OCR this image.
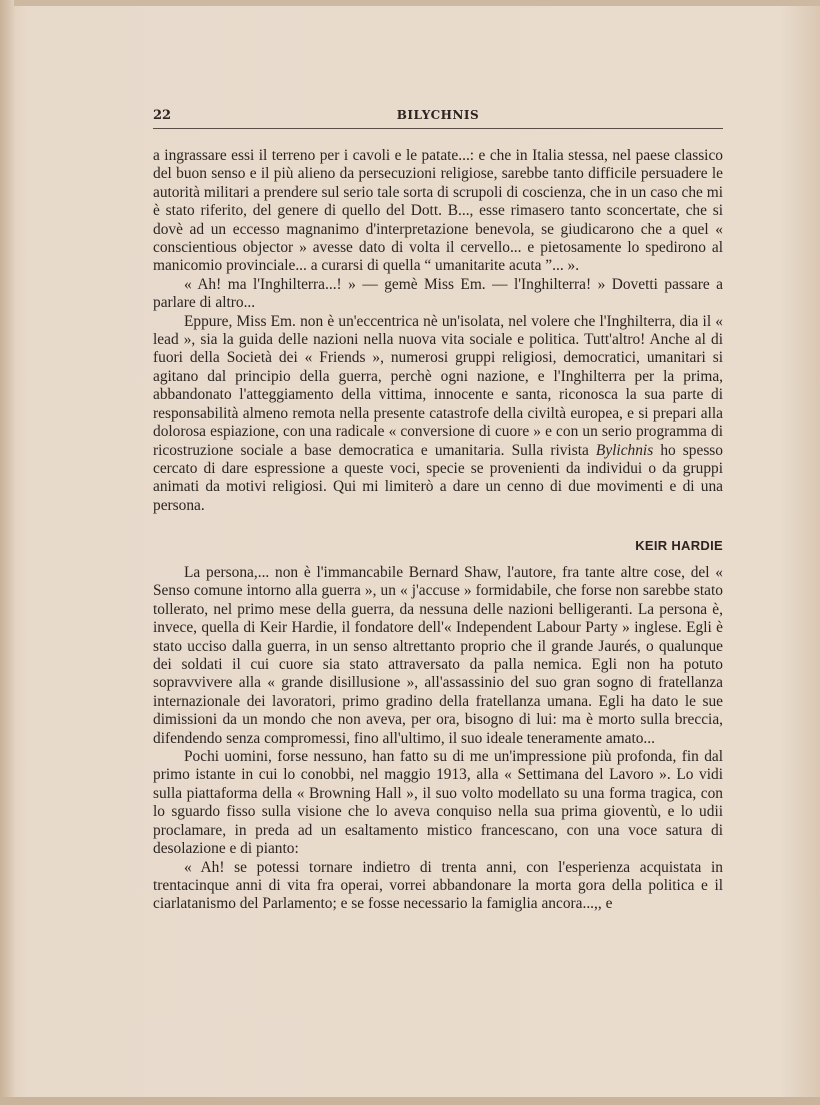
22	BILYCHNIS

a ingrassare essi il terreno per i cavoli e le patate...: e che in Italia stessa, nel paese classico del buon senso e il più alieno da persecuzioni religiose, sarebbe tanto difficile persuadere le autorità militari a prendere sul serio tale sorta di scrupoli di coscienza, che in un caso che mi è stato riferito, del genere di quello del Dott. B..., esse rimasero tanto sconcertate, che si dovè ad un eccesso magnanimo d'interpretazione benevola, se giudicarono che a quel « conscientious objector » avesse dato di volta il cervello... e pietosamente lo spedirono al manicomio provinciale... a curarsi di quella “ umanitarite acuta ”... ».

« Ah! ma l'Inghilterra...! » — gemè Miss Em. — l'Inghilterra! » Dovetti passare a parlare di altro...

Eppure, Miss Em. non è un'eccentrica nè un'isolata, nel volere che l'Inghilterra, dia il « lead », sia la guida delle nazioni nella nuova vita sociale e politica. Tutt'altro! Anche al di fuori della Società dei « Friends », numerosi gruppi religiosi, democratici, umanitari si agitano dal principio della guerra, perchè ogni nazione, e l'Inghilterra per la prima, abbandonato l'atteggiamento della vittima, innocente e santa, riconosca la sua parte di responsabilità almeno remota nella presente catastrofe della civiltà europea, e si prepari alla dolorosa espiazione, con una radicale « conversione di cuore » e con un serio programma di ricostruzione sociale a base democratica e umanitaria. Sulla rivista Bylichnis ho spesso cercato di dare espressione a queste voci, specie se provenienti da individui o da gruppi animati da motivi religiosi. Qui mi limiterò a dare un cenno di due movimenti e di una persona.

KEIR HARDIE

La persona,... non è l'immancabile Bernard Shaw, l'autore, fra tante altre cose, del « Senso comune intorno alla guerra », un « j'accuse » formidabile, che forse non sarebbe stato tollerato, nel primo mese della guerra, da nessuna delle nazioni belligeranti. La persona è, invece, quella di Keir Hardie, il fondatore dell'« Independent Labour Party » inglese. Egli è stato ucciso dalla guerra, in un senso altrettanto proprio che il grande Jaurés, o qualunque dei soldati il cui cuore sia stato attraversato da palla nemica. Egli non ha potuto sopravvivere alla « grande disillusione », all'assassinio del suo gran sogno di fratellanza internazionale dei lavoratori, primo gradino della fratellanza umana. Egli ha dato le sue dimissioni da un mondo che non aveva, per ora, bisogno di lui: ma è morto sulla breccia, difendendo senza compromessi, fino all'ultimo, il suo ideale teneramente amato...

Pochi uomini, forse nessuno, han fatto su di me un'impressione più profonda, fin dal primo istante in cui lo conobbi, nel maggio 1913, alla « Settimana del Lavoro ». Lo vidi sulla piattaforma della « Browning Hall », il suo volto modellato su una forma tragica, con lo sguardo fisso sulla visione che lo aveva conquiso nella sua prima gioventù, e lo udii proclamare, in preda ad un esaltamento mistico francescano, con una voce satura di desolazione e di pianto:

« Ah! se potessi tornare indietro di trenta anni, con l'esperienza acquistata in trentacinque anni di vita fra operai, vorrei abbandonare la morta gora della politica e il ciarlatanismo del Parlamento; e se fosse necessario la famiglia ancora...,, e
